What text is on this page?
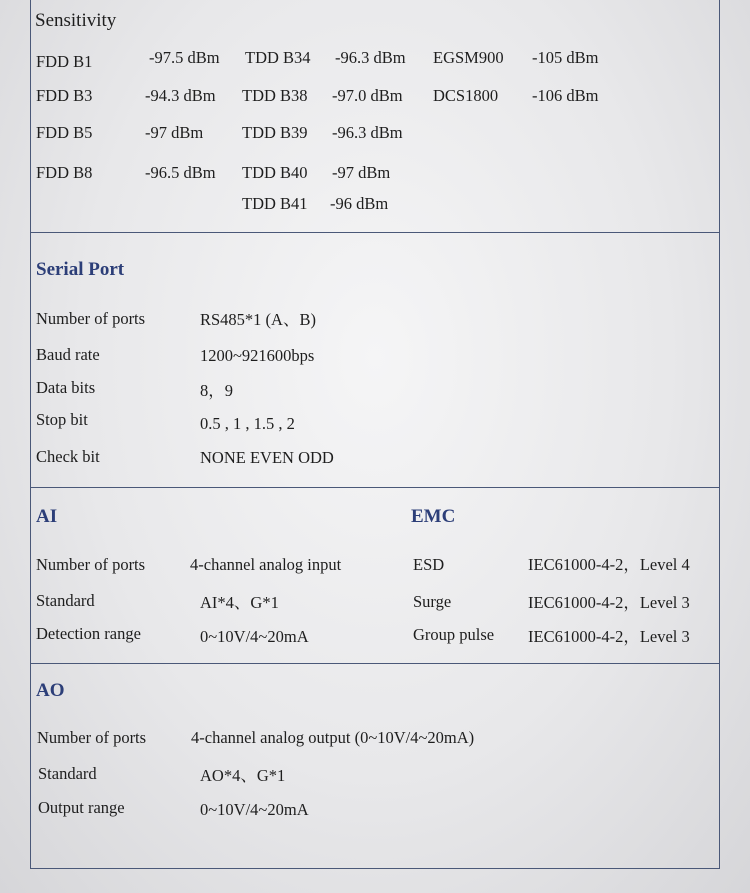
Sensitivity
FDD B1	-97.5 dBm TDD B34 -96.3 dBm EGSM900 -105 dBm
FDD B3	-94.3 dBm TDD B38 -97.0 dBm DCS1800 -106 dBm
FDD B5	-97 dBm TDD B39 -96.3 dBm
FDD B8	-96.5 dBm TDD B40 -97 dBm
TDD B41 -96 dBm
Serial Port
Number of ports	RS485*1 (A、B)
Baud rate	1200~921600bps
Data bits	8，9
Stop bit	0.5 , 1 , 1.5 , 2
Check bit	NONE EVEN ODD
AI
Number of ports	4-channel analog input
Standard	AI*4、G*1
Detection range	0~10V/4~20mA
EMC
ESD	IEC61000-4-2，Level 4
Surge	IEC61000-4-2，Level 3
Group pulse IEC61000-4-2，Level 3
AO
Number of ports	4-channel analog output (0~10V/4~20mA)
Standard	AO*4、G*1
Output range	0~10V/4~20mA
